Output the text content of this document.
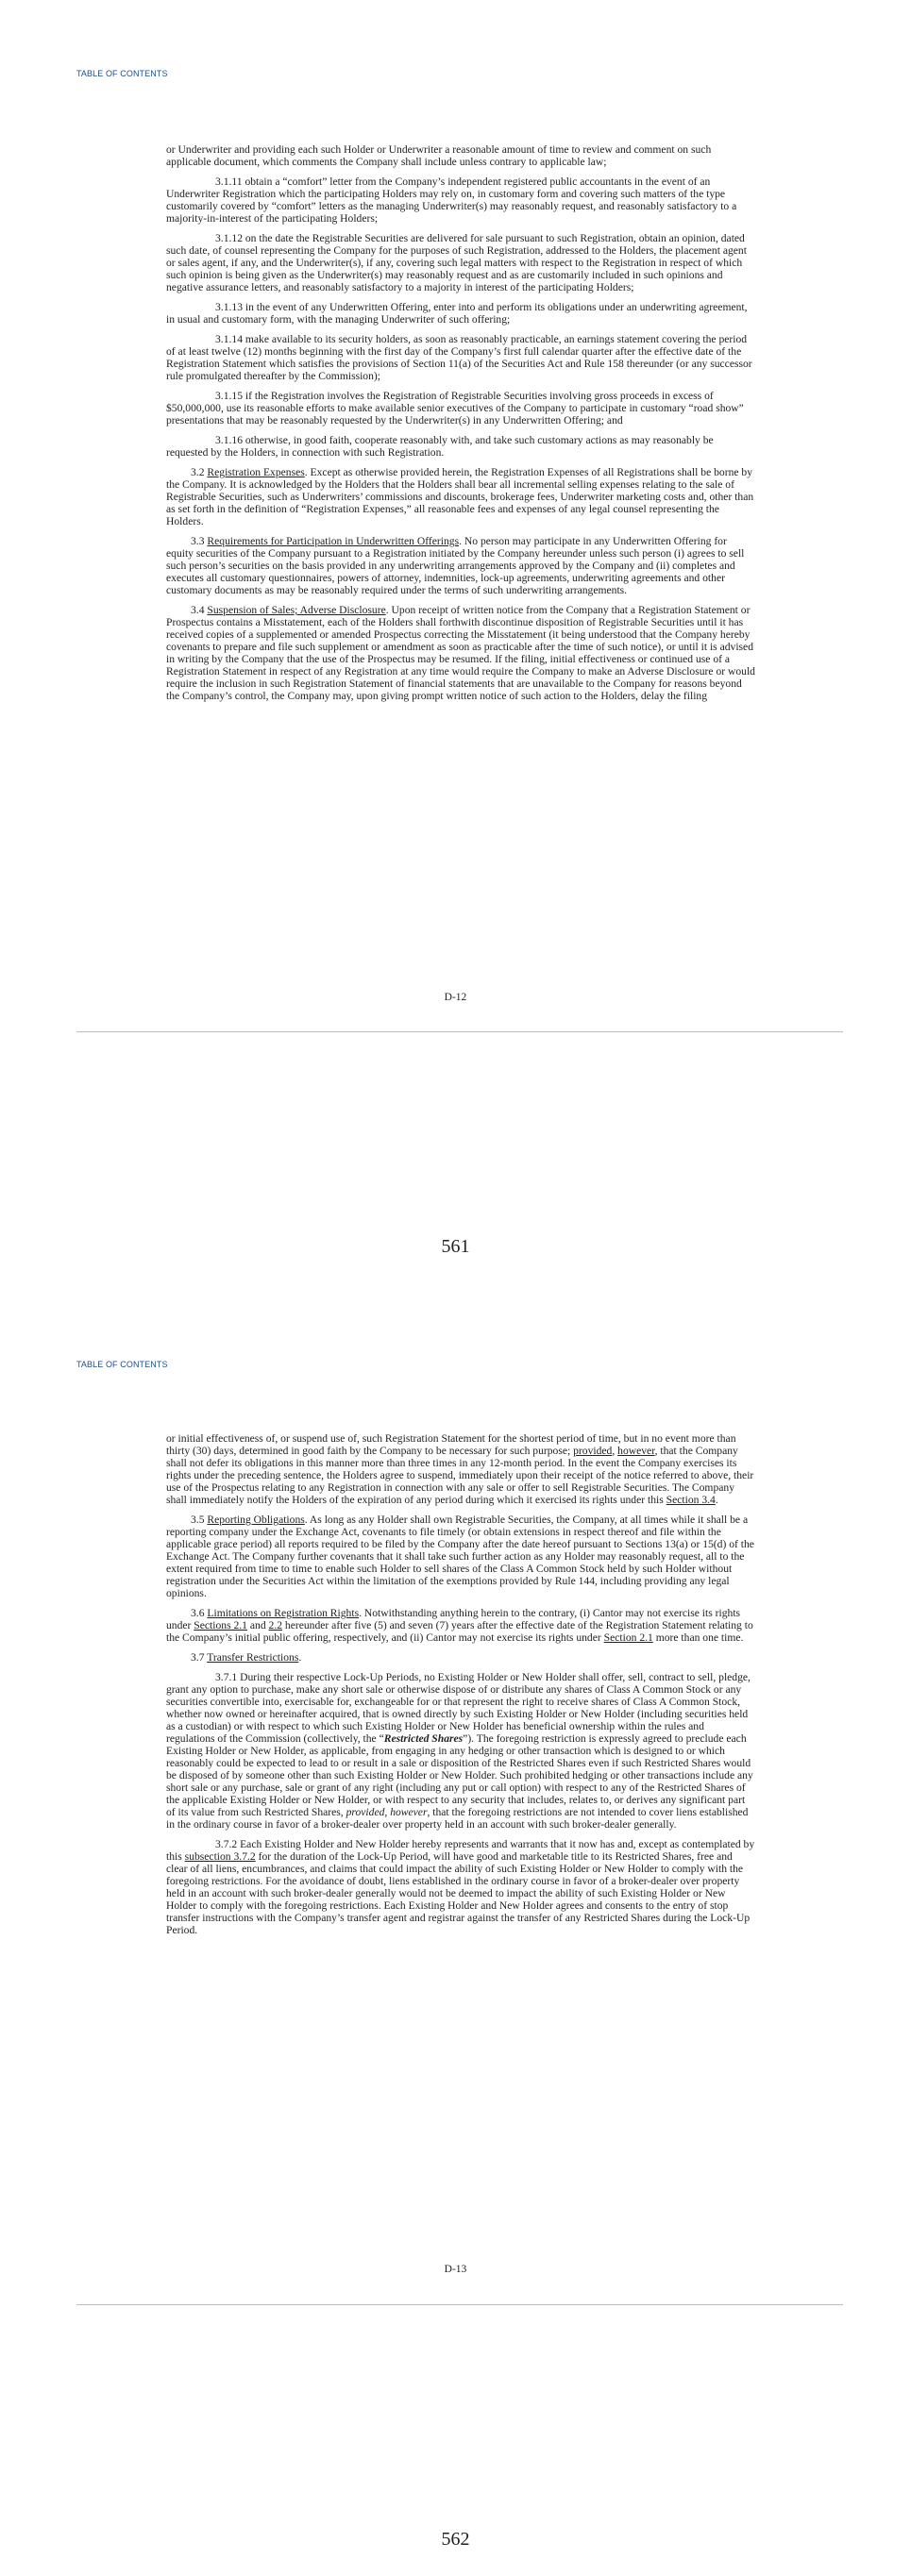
TABLE OF CONTENTS

or Underwriter and providing each such Holder or Underwriter a reasonable amount of time to review and comment on such applicable document, which comments the Company shall include unless contrary to applicable law;

3.1.11 obtain a “comfort” letter from the Company’s independent registered public accountants in the event of an Underwriter Registration which the participating Holders may rely on, in customary form and covering such matters of the type customarily covered by “comfort” letters as the managing Underwriter(s) may reasonably request, and reasonably satisfactory to a majority-in-interest of the participating Holders;

3.1.12 on the date the Registrable Securities are delivered for sale pursuant to such Registration, obtain an opinion, dated such date, of counsel representing the Company for the purposes of such Registration, addressed to the Holders, the placement agent or sales agent, if any, and the Underwriter(s), if any, covering such legal matters with respect to the Registration in respect of which such opinion is being given as the Underwriter(s) may reasonably request and as are customarily included in such opinions and negative assurance letters, and reasonably satisfactory to a majority in interest of the participating Holders;

3.1.13 in the event of any Underwritten Offering, enter into and perform its obligations under an underwriting agreement, in usual and customary form, with the managing Underwriter of such offering;

3.1.14 make available to its security holders, as soon as reasonably practicable, an earnings statement covering the period of at least twelve (12) months beginning with the first day of the Company’s first full calendar quarter after the effective date of the Registration Statement which satisfies the provisions of Section 11(a) of the Securities Act and Rule 158 thereunder (or any successor rule promulgated thereafter by the Commission);

3.1.15 if the Registration involves the Registration of Registrable Securities involving gross proceeds in excess of $50,000,000, use its reasonable efforts to make available senior executives of the Company to participate in customary “road show” presentations that may be reasonably requested by the Underwriter(s) in any Underwritten Offering; and

3.1.16 otherwise, in good faith, cooperate reasonably with, and take such customary actions as may reasonably be requested by the Holders, in connection with such Registration.

3.2 Registration Expenses. Except as otherwise provided herein, the Registration Expenses of all Registrations shall be borne by the Company. It is acknowledged by the Holders that the Holders shall bear all incremental selling expenses relating to the sale of Registrable Securities, such as Underwriters’ commissions and discounts, brokerage fees, Underwriter marketing costs and, other than as set forth in the definition of “Registration Expenses,” all reasonable fees and expenses of any legal counsel representing the Holders.

3.3 Requirements for Participation in Underwritten Offerings. No person may participate in any Underwritten Offering for equity securities of the Company pursuant to a Registration initiated by the Company hereunder unless such person (i) agrees to sell such person’s securities on the basis provided in any underwriting arrangements approved by the Company and (ii) completes and executes all customary questionnaires, powers of attorney, indemnities, lock-up agreements, underwriting agreements and other customary documents as may be reasonably required under the terms of such underwriting arrangements.

3.4 Suspension of Sales; Adverse Disclosure. Upon receipt of written notice from the Company that a Registration Statement or Prospectus contains a Misstatement, each of the Holders shall forthwith discontinue disposition of Registrable Securities until it has received copies of a supplemented or amended Prospectus correcting the Misstatement (it being understood that the Company hereby covenants to prepare and file such supplement or amendment as soon as practicable after the time of such notice), or until it is advised in writing by the Company that the use of the Prospectus may be resumed. If the filing, initial effectiveness or continued use of a Registration Statement in respect of any Registration at any time would require the Company to make an Adverse Disclosure or would require the inclusion in such Registration Statement of financial statements that are unavailable to the Company for reasons beyond the Company’s control, the Company may, upon giving prompt written notice of such action to the Holders, delay the filing

D-12
561
TABLE OF CONTENTS

or initial effectiveness of, or suspend use of, such Registration Statement for the shortest period of time, but in no event more than thirty (30) days, determined in good faith by the Company to be necessary for such purpose; provided, however, that the Company shall not defer its obligations in this manner more than three times in any 12-month period. In the event the Company exercises its rights under the preceding sentence, the Holders agree to suspend, immediately upon their receipt of the notice referred to above, their use of the Prospectus relating to any Registration in connection with any sale or offer to sell Registrable Securities. The Company shall immediately notify the Holders of the expiration of any period during which it exercised its rights under this Section 3.4.

3.5 Reporting Obligations. As long as any Holder shall own Registrable Securities, the Company, at all times while it shall be a reporting company under the Exchange Act, covenants to file timely (or obtain extensions in respect thereof and file within the applicable grace period) all reports required to be filed by the Company after the date hereof pursuant to Sections 13(a) or 15(d) of the Exchange Act. The Company further covenants that it shall take such further action as any Holder may reasonably request, all to the extent required from time to time to enable such Holder to sell shares of the Class A Common Stock held by such Holder without registration under the Securities Act within the limitation of the exemptions provided by Rule 144, including providing any legal opinions.

3.6 Limitations on Registration Rights. Notwithstanding anything herein to the contrary, (i) Cantor may not exercise its rights under Sections 2.1 and 2.2 hereunder after five (5) and seven (7) years after the effective date of the Registration Statement relating to the Company’s initial public offering, respectively, and (ii) Cantor may not exercise its rights under Section 2.1 more than one time.

3.7 Transfer Restrictions.

3.7.1 During their respective Lock-Up Periods, no Existing Holder or New Holder shall offer, sell, contract to sell, pledge, grant any option to purchase, make any short sale or otherwise dispose of or distribute any shares of Class A Common Stock or any securities convertible into, exercisable for, exchangeable for or that represent the right to receive shares of Class A Common Stock, whether now owned or hereinafter acquired, that is owned directly by such Existing Holder or New Holder (including securities held as a custodian) or with respect to which such Existing Holder or New Holder has beneficial ownership within the rules and regulations of the Commission (collectively, the “Restricted Shares”). The foregoing restriction is expressly agreed to preclude each Existing Holder or New Holder, as applicable, from engaging in any hedging or other transaction which is designed to or which reasonably could be expected to lead to or result in a sale or disposition of the Restricted Shares even if such Restricted Shares would be disposed of by someone other than such Existing Holder or New Holder. Such prohibited hedging or other transactions include any short sale or any purchase, sale or grant of any right (including any put or call option) with respect to any of the Restricted Shares of the applicable Existing Holder or New Holder, or with respect to any security that includes, relates to, or derives any significant part of its value from such Restricted Shares, provided, however, that the foregoing restrictions are not intended to cover liens established in the ordinary course in favor of a broker-dealer over property held in an account with such broker-dealer generally.

3.7.2 Each Existing Holder and New Holder hereby represents and warrants that it now has and, except as contemplated by this subsection 3.7.2 for the duration of the Lock-Up Period, will have good and marketable title to its Restricted Shares, free and clear of all liens, encumbrances, and claims that could impact the ability of such Existing Holder or New Holder to comply with the foregoing restrictions. For the avoidance of doubt, liens established in the ordinary course in favor of a broker-dealer over property held in an account with such broker-dealer generally would not be deemed to impact the ability of such Existing Holder or New Holder to comply with the foregoing restrictions. Each Existing Holder and New Holder agrees and consents to the entry of stop transfer instructions with the Company’s transfer agent and registrar against the transfer of any Restricted Shares during the Lock-Up Period.

D-13
562
